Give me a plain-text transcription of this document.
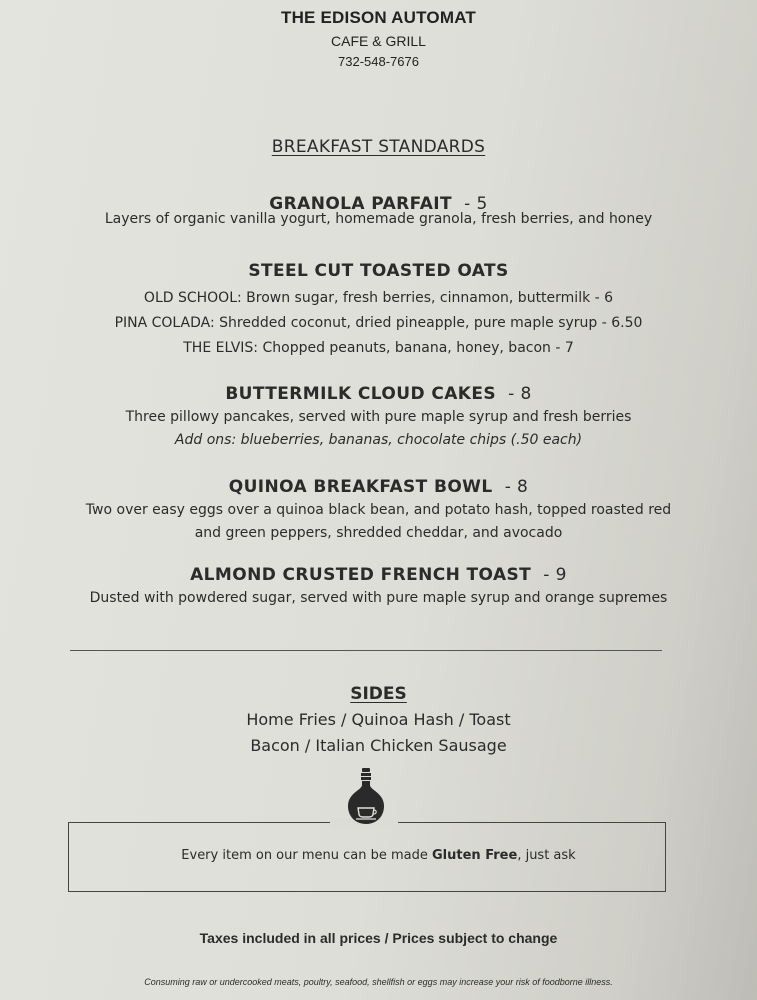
THE EDISON AUTOMAT
CAFE & GRILL
732-548-7676
BREAKFAST STANDARDS
GRANOLA PARFAIT  - 5
Layers of organic vanilla yogurt, homemade granola, fresh berries, and honey
STEEL CUT TOASTED OATS
OLD SCHOOL: Brown sugar, fresh berries, cinnamon, buttermilk - 6
PINA COLADA: Shredded coconut, dried pineapple, pure maple syrup - 6.50
THE ELVIS: Chopped peanuts, banana, honey, bacon - 7
BUTTERMILK CLOUD CAKES  - 8
Three pillowy pancakes, served with pure maple syrup and fresh berries
Add ons: blueberries, bananas, chocolate chips (.50 each)
QUINOA BREAKFAST BOWL  - 8
Two over easy eggs over a quinoa black bean, and potato hash, topped roasted red
and green peppers, shredded cheddar, and avocado
ALMOND CRUSTED FRENCH TOAST  - 9
Dusted with powdered sugar, served with pure maple syrup and orange supremes
SIDES
Home Fries / Quinoa Hash / Toast
Bacon / Italian Chicken Sausage
Every item on our menu can be made Gluten Free, just ask
Taxes included in all prices / Prices subject to change
Consuming raw or undercooked meats, poultry, seafood, shellfish or eggs may increase your risk of foodborne illness.
